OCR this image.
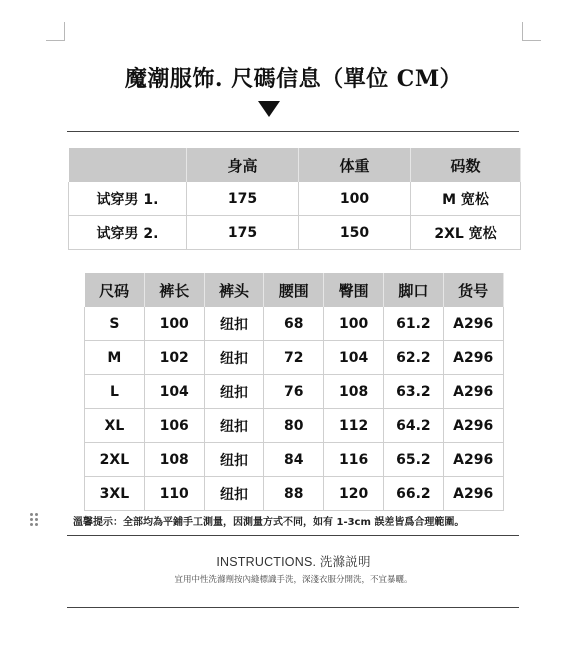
魔潮服饰. 尺碼信息（單位 CM）
	身高	体重	码数
试穿男 1.	175	100	M 宽松
试穿男 2.	175	150	2XL 宽松
尺码	裤长	裤头	腰围	臀围	脚口	货号
S	100	纽扣	68	100	61.2	A296
M	102	纽扣	72	104	62.2	A296
L	104	纽扣	76	108	63.2	A296
XL	106	纽扣	80	112	64.2	A296
2XL	108	纽扣	84	116	65.2	A296
3XL	110	纽扣	88	120	66.2	A296
溫馨提示：全部均為平鋪手工測量，因測量方式不同，如有 1-3cm 誤差皆爲合理範圍。
INSTRUCTIONS. 洗滌説明
宜用中性洗滌劑按內縫標識手洗，深淺衣服分開洗，不宜暴曬。
